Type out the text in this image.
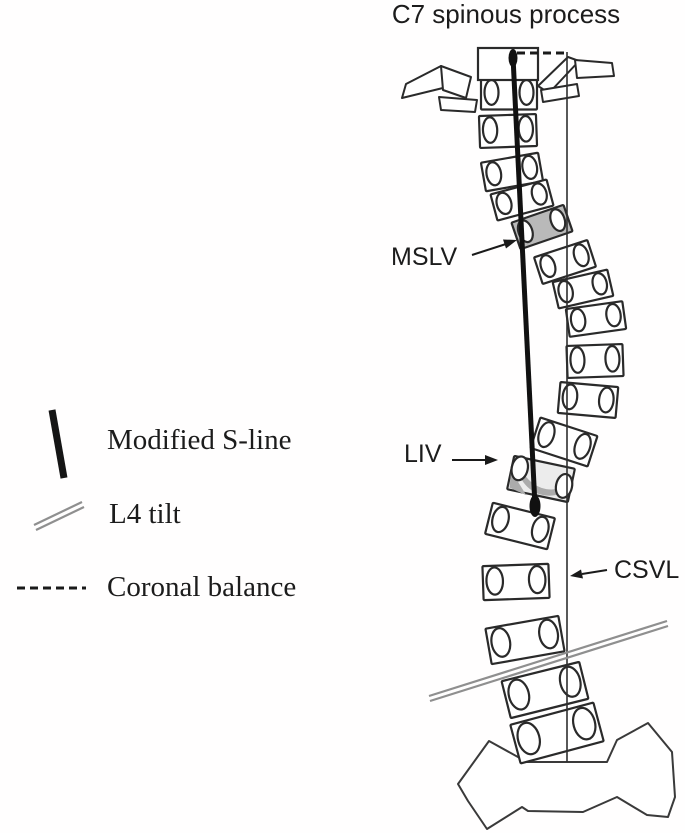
C7 spinous process
MSLV
LIV
CSVL
Modified S-line
L4 tilt
Coronal balance
